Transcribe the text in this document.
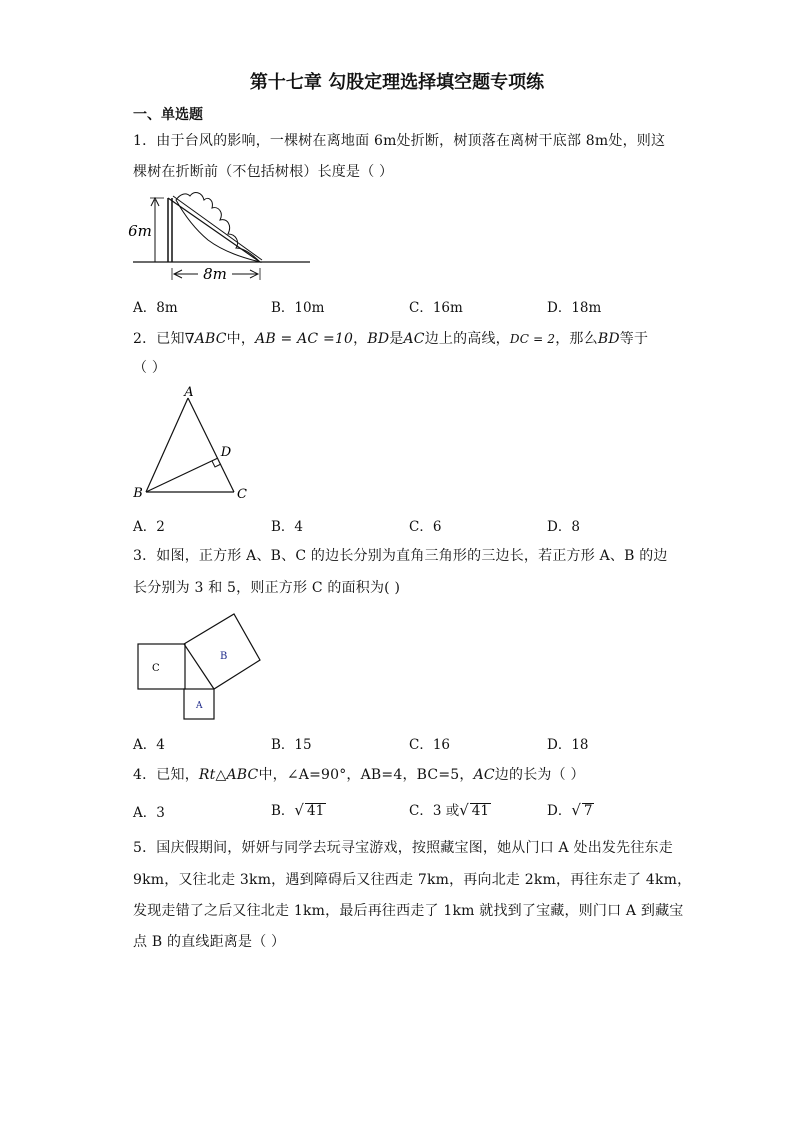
第十七章 勾股定理选择填空题专项练
一、单选题
1．由于台风的影响，一棵树在离地面 6m处折断，树顶落在离树干底部 8m处，则这
棵树在折断前（不包括树根）长度是（ ）
6m
8m
A．8m	B．10m	C．16m	D．18m
2．已知∇ABC中，AB = AC =10，BD是AC边上的高线，DC = 2，那么BD等于
（ ）
A
B	C
D
A．2	B．4	C．6	D．8
3．如图，正方形 A、B、C 的边长分别为直角三角形的三边长，若正方形 A、B 的边
长分别为 3 和 5，则正方形 C 的面积为( )
C
B
A
A．4	B．15	C．16	D．18
4．已知，Rt△ABC中，∠A=90°，AB=4，BC=5，AC边的长为（ ）
A．3	B．√ 41	C．3 或√ 41	D．√ 7
5．国庆假期间，妍妍与同学去玩寻宝游戏，按照藏宝图，她从门口 A 处出发先往东走
9km，又往北走 3km，遇到障碍后又往西走 7km，再向北走 2km，再往东走了 4km，
发现走错了之后又往北走 1km，最后再往西走了 1km 就找到了宝藏，则门口 A 到藏宝
点 B 的直线距离是（ ）
